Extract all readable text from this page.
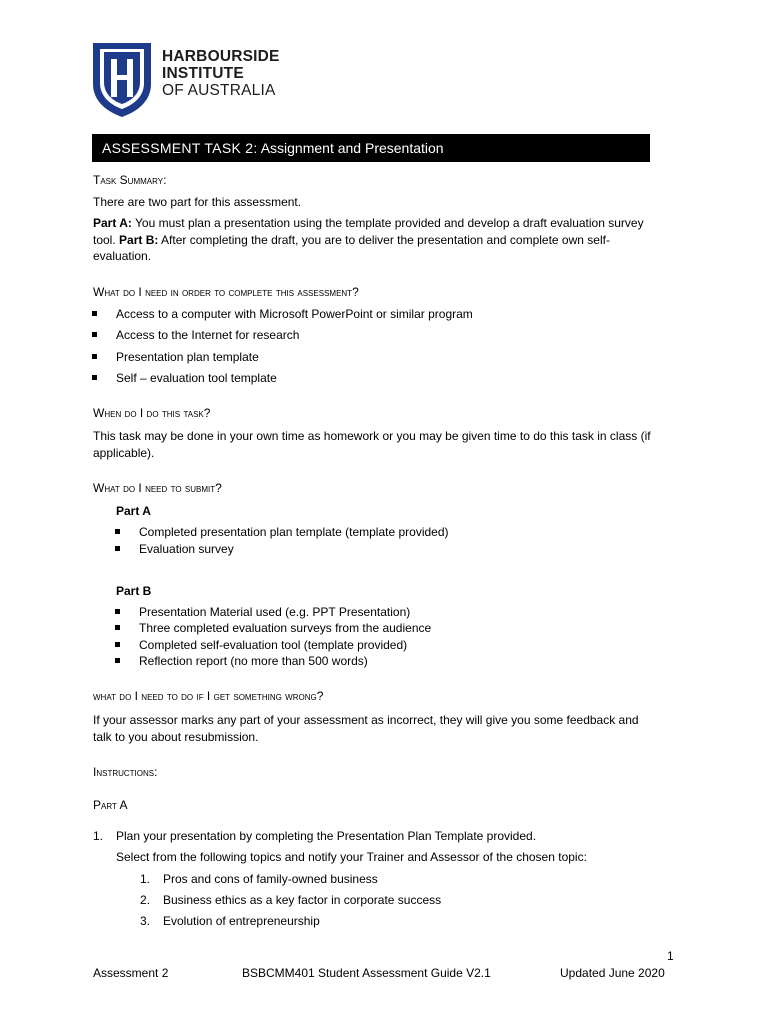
HARBOURSIDE
INSTITUTE
OF AUSTRALIA
ASSESSMENT TASK 2: Assignment and Presentation
Task Summary:
There are two part for this assessment.
Part A: You must plan a presentation using the template provided and develop a draft evaluation survey tool. Part B: After completing the draft, you are to deliver the presentation and complete own self-evaluation.
What do I need in order to complete this assessment?
Access to a computer with Microsoft PowerPoint or similar program
Access to the Internet for research
Presentation plan template
Self – evaluation tool template
When do I do this task?
This task may be done in your own time as homework or you may be given time to do this task in class (if applicable).
What do I need to submit?
Part A
Completed presentation plan template (template provided)
Evaluation survey
Part B
Presentation Material used (e.g. PPT Presentation)
Three completed evaluation surveys from the audience
Completed self-evaluation tool (template provided)
Reflection report (no more than 500 words)
what do I need to do if I get something wrong?
If your assessor marks any part of your assessment as incorrect, they will give you some feedback and talk to you about resubmission.
Instructions:
Part A
1. Plan your presentation by completing the Presentation Plan Template provided.
Select from the following topics and notify your Trainer and Assessor of the chosen topic:
1. Pros and cons of family-owned business
2. Business ethics as a key factor in corporate success
3. Evolution of entrepreneurship
1
Assessment 2	BSBCMM401 Student Assessment Guide V2.1	Updated June 2020
